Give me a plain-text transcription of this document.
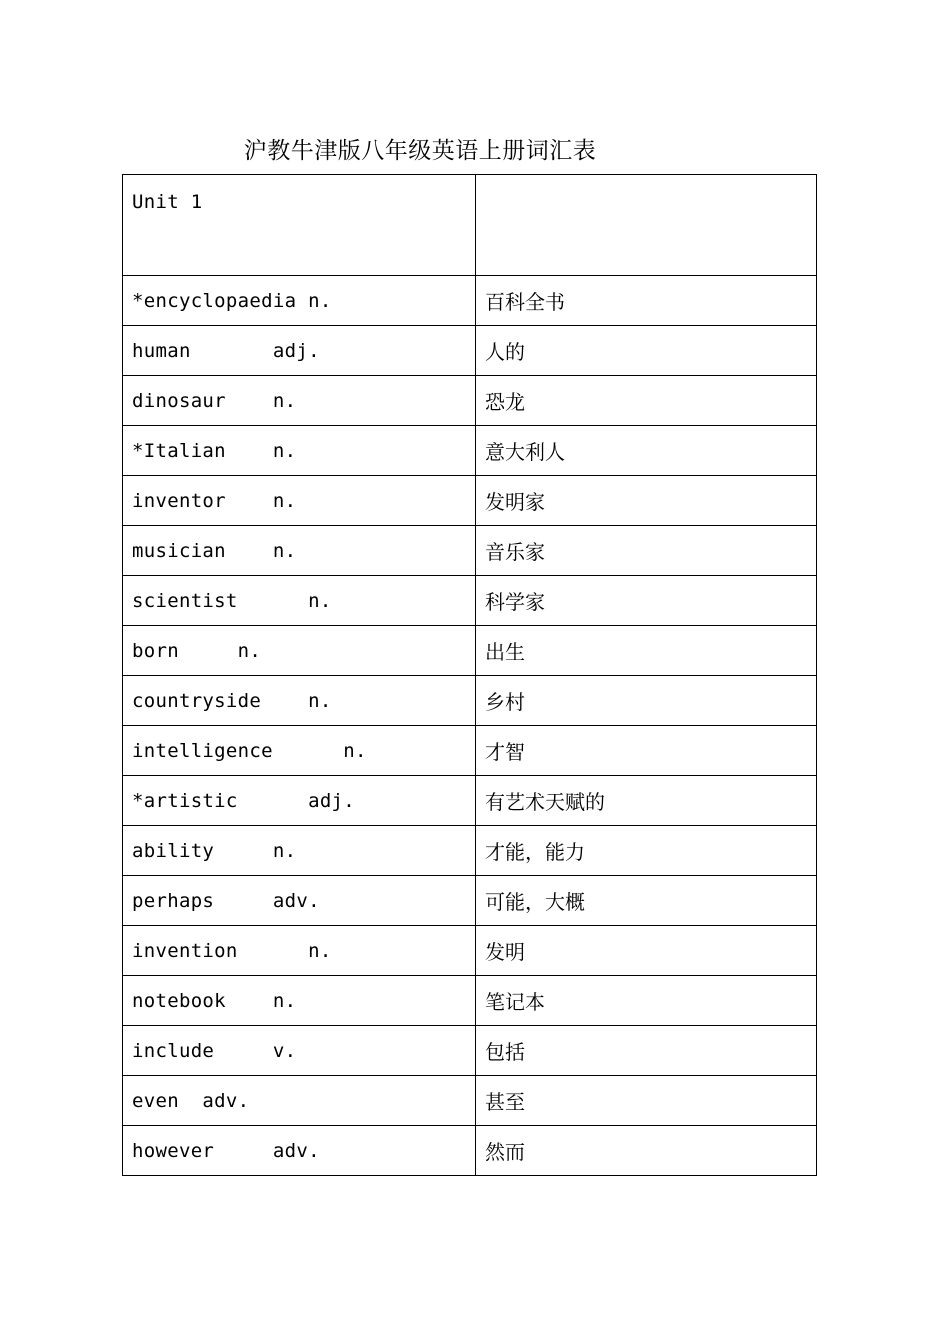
沪教牛津版八年级英语上册词汇表
Unit 1	
*encyclopaedia n.	百科全书
human       adj.	人的
dinosaur    n.	恐龙
*Italian    n.	意大利人
inventor    n.	发明家
musician    n.	音乐家
scientist      n.	科学家
born     n.	出生
countryside    n.	乡村
intelligence      n.	才智
*artistic      adj.	有艺术天赋的
ability     n.	才能，能力
perhaps     adv.	可能，大概
invention      n.	发明
notebook    n.	笔记本
include     v.	包括
even  adv.	甚至
however     adv.	然而
